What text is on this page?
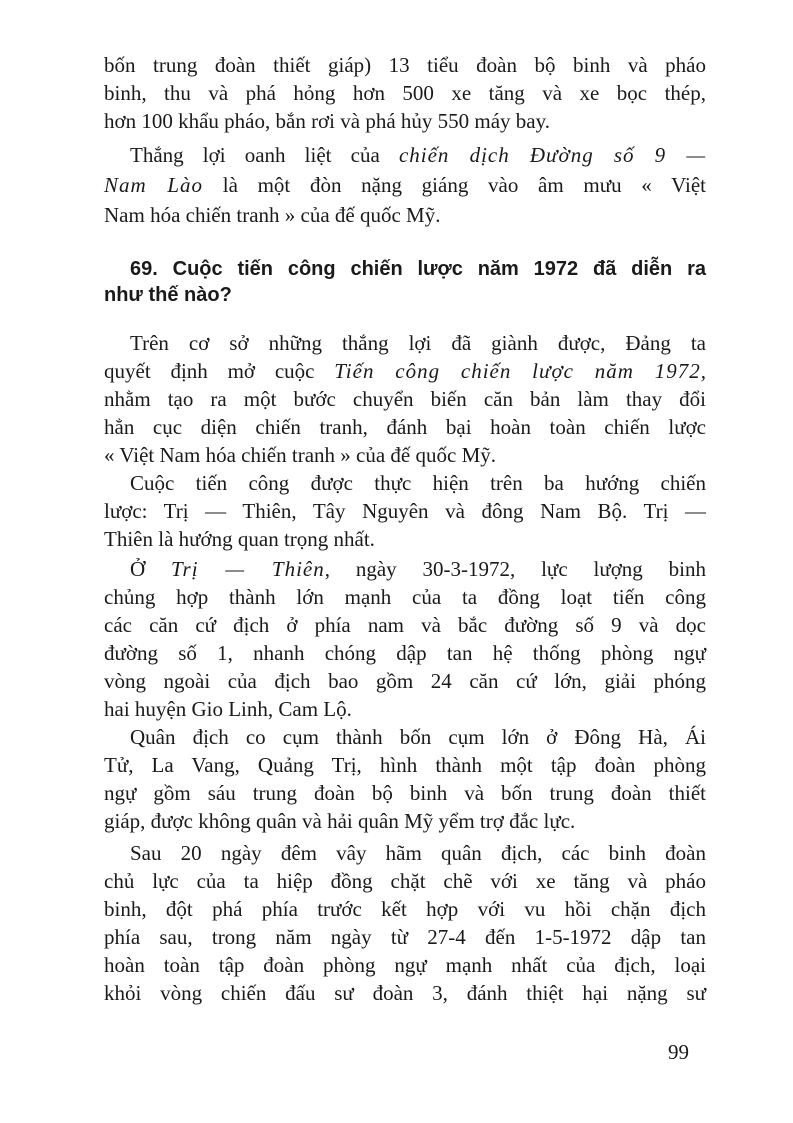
bốn trung đoàn thiết giáp) 13 tiểu đoàn bộ binh và pháo
binh, thu và phá hỏng hơn 500 xe tăng và xe bọc thép,
hơn 100 khẩu pháo, bắn rơi và phá hủy 550 máy bay.
Thắng lợi oanh liệt của chiến dịch Đường số 9 —
Nam Lào là một đòn nặng giáng vào âm mưu « Việt
Nam hóa chiến tranh » của đế quốc Mỹ.
69. Cuộc tiến công chiến lược năm 1972 đã diễn ra
như thế nào?
Trên cơ sở những thắng lợi đã giành được, Đảng ta
quyết định mở cuộc Tiến công chiến lược năm 1972,
nhằm tạo ra một bước chuyển biến căn bản làm thay đổi
hẳn cục diện chiến tranh, đánh bại hoàn toàn chiến lược
« Việt Nam hóa chiến tranh » của đế quốc Mỹ.
Cuộc tiến công được thực hiện trên ba hướng chiến
lược: Trị — Thiên, Tây Nguyên và đông Nam Bộ. Trị —
Thiên là hướng quan trọng nhất.
Ở Trị — Thiên, ngày 30-3-1972, lực lượng binh
chủng hợp thành lớn mạnh của ta đồng loạt tiến công
các căn cứ địch ở phía nam và bắc đường số 9 và dọc
đường số 1, nhanh chóng dập tan hệ thống phòng ngự
vòng ngoài của địch bao gồm 24 căn cứ lớn, giải phóng
hai huyện Gio Linh, Cam Lộ.
Quân địch co cụm thành bốn cụm lớn ở Đông Hà, Ái
Tử, La Vang, Quảng Trị, hình thành một tập đoàn phòng
ngự gồm sáu trung đoàn bộ binh và bốn trung đoàn thiết
giáp, được không quân và hải quân Mỹ yểm trợ đắc lực.
Sau 20 ngày đêm vây hãm quân địch, các binh đoàn
chủ lực của ta hiệp đồng chặt chẽ với xe tăng và pháo
binh, đột phá phía trước kết hợp với vu hồi chặn địch
phía sau, trong năm ngày từ 27-4 đến 1-5-1972 dập tan
hoàn toàn tập đoàn phòng ngự mạnh nhất của địch, loại
khỏi vòng chiến đấu sư đoàn 3, đánh thiệt hại nặng sư
99
